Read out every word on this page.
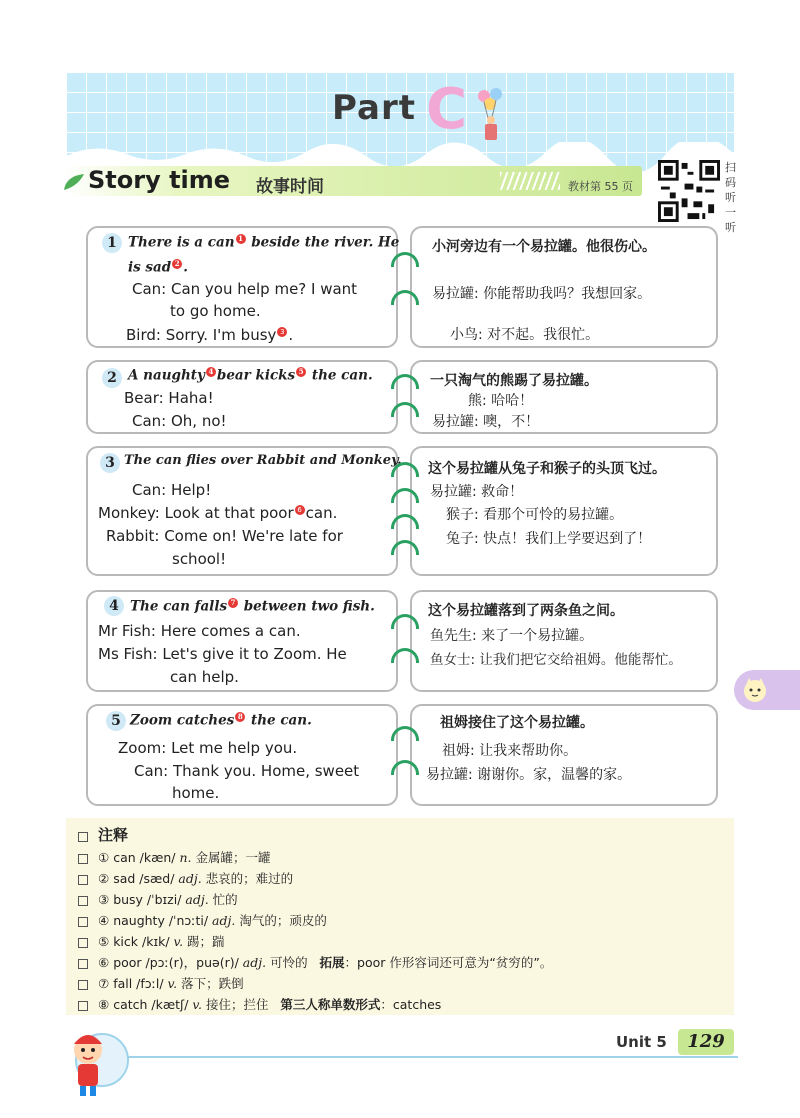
Part C
Story time 故事时间	教材第 55 页
扫码听一听
1 There is a can 1 beside the river. He
is sad 2 .
Can: Can you help me? I want
to go home.
Bird: Sorry. I'm busy 3 .
小河旁边有一个易拉罐。他很伤心。
易拉罐: 你能帮助我吗？我想回家。
小鸟: 对不起。我很忙。
2 A naughty 4 bear kicks 5 the can.
Bear: Haha!
Can: Oh, no!
一只淘气的熊踢了易拉罐。
熊: 哈哈！
易拉罐: 噢，不！
3 The can flies over Rabbit and Monkey.
Can: Help!
Monkey: Look at that poor 6 can.
Rabbit: Come on! We're late for
school!
这个易拉罐从兔子和猴子的头顶飞过。
易拉罐: 救命！
猴子: 看那个可怜的易拉罐。
兔子: 快点！我们上学要迟到了！
4 The can falls 7 between two fish.
Mr Fish: Here comes a can.
Ms Fish: Let's give it to Zoom. He
can help.
这个易拉罐落到了两条鱼之间。
鱼先生: 来了一个易拉罐。
鱼女士: 让我们把它交给祖姆。他能帮忙。
5 Zoom catches 8 the can.
Zoom: Let me help you.
Can: Thank you. Home, sweet
home.
祖姆接住了这个易拉罐。
祖姆: 让我来帮助你。
易拉罐: 谢谢你。家，温馨的家。
注释
① can /kæn/ n. 金属罐；一罐
② sad /sæd/ adj. 悲哀的；难过的
③ busy /ˈbɪzi/ adj. 忙的
④ naughty /ˈnɔːti/ adj. 淘气的；顽皮的
⑤ kick /kɪk/ v. 踢；踹
⑥ poor /pɔː(r)，puə(r)/ adj. 可怜的 拓展：poor 作形容词还可意为“贫穷的”。
⑦ fall /fɔːl/ v. 落下；跌倒
⑧ catch /kætʃ/ v. 接住；拦住 第三人称单数形式：catches
Unit 5	129
